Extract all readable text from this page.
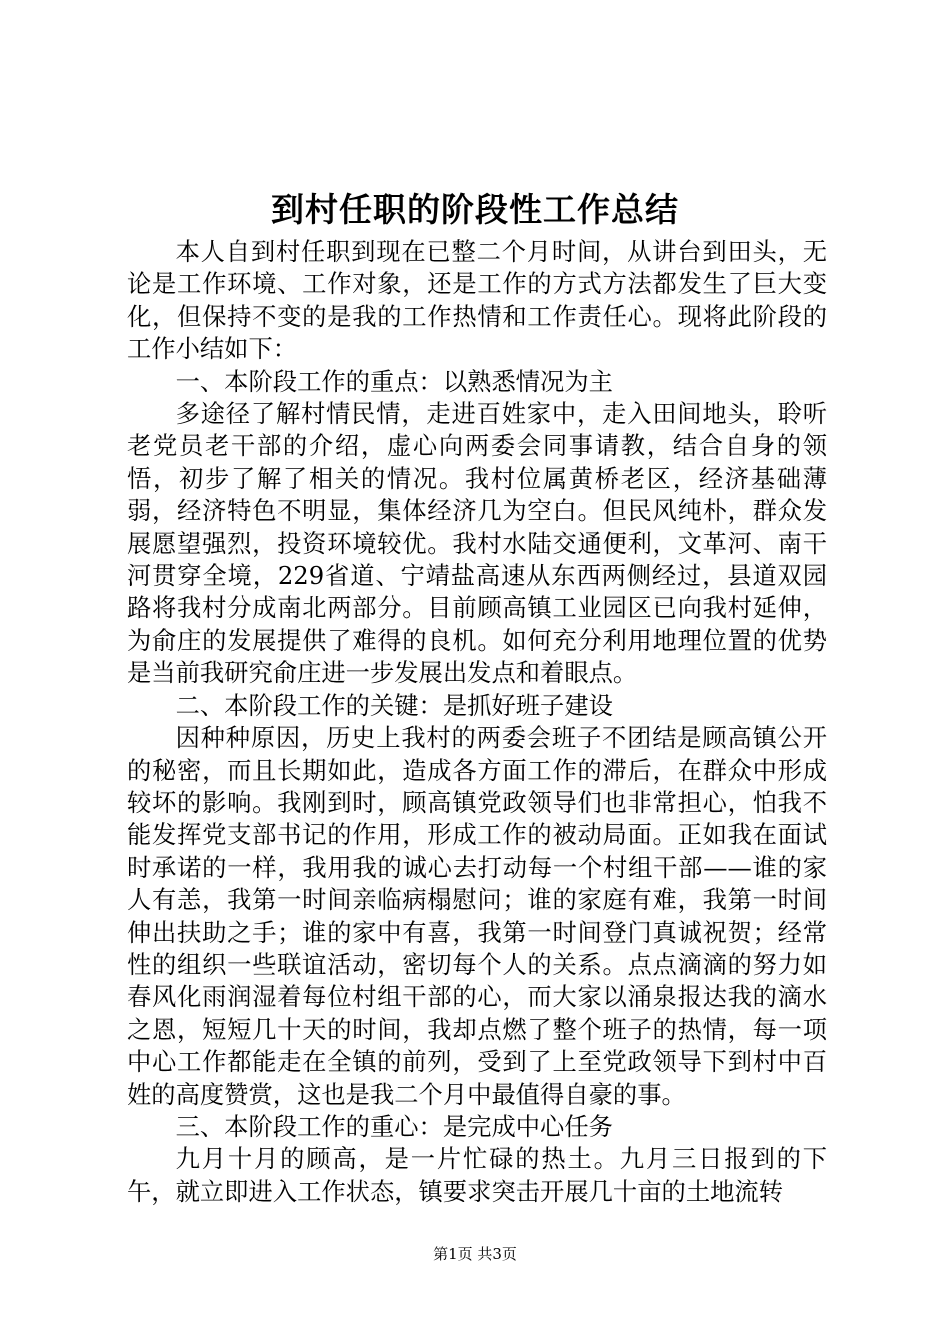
到村任职的阶段性工作总结

本人自到村任职到现在已整二个月时间，从讲台到田头，无论是工作环境、工作对象，还是工作的方式方法都发生了巨大变化，但保持不变的是我的工作热情和工作责任心。现将此阶段的工作小结如下：

一、本阶段工作的重点：以熟悉情况为主

多途径了解村情民情，走进百姓家中，走入田间地头，聆听老党员老干部的介绍，虚心向两委会同事请教，结合自身的领悟，初步了解了相关的情况。我村位属黄桥老区，经济基础薄弱，经济特色不明显，集体经济几为空白。但民风纯朴，群众发展愿望强烈，投资环境较优。我村水陆交通便利，文革河、南干河贯穿全境，229省道、宁靖盐高速从东西两侧经过，县道双园路将我村分成南北两部分。目前顾高镇工业园区已向我村延伸，为俞庄的发展提供了难得的良机。如何充分利用地理位置的优势是当前我研究俞庄进一步发展出发点和着眼点。

二、本阶段工作的关键：是抓好班子建设

因种种原因，历史上我村的两委会班子不团结是顾高镇公开的秘密，而且长期如此，造成各方面工作的滞后，在群众中形成较坏的影响。我刚到时，顾高镇党政领导们也非常担心，怕我不能发挥党支部书记的作用，形成工作的被动局面。正如我在面试时承诺的一样，我用我的诚心去打动每一个村组干部——谁的家人有恙，我第一时间亲临病榻慰问；谁的家庭有难，我第一时间伸出扶助之手；谁的家中有喜，我第一时间登门真诚祝贺；经常性的组织一些联谊活动，密切每个人的关系。点点滴滴的努力如春风化雨润湿着每位村组干部的心，而大家以涌泉报达我的滴水之恩，短短几十天的时间，我却点燃了整个班子的热情，每一项中心工作都能走在全镇的前列，受到了上至党政领导下到村中百姓的高度赞赏，这也是我二个月中最值得自豪的事。

三、本阶段工作的重心：是完成中心任务

九月十月的顾高，是一片忙碌的热土。九月三日报到的下午，就立即进入工作状态，镇要求突击开展几十亩的土地流转

第1页 共3页
